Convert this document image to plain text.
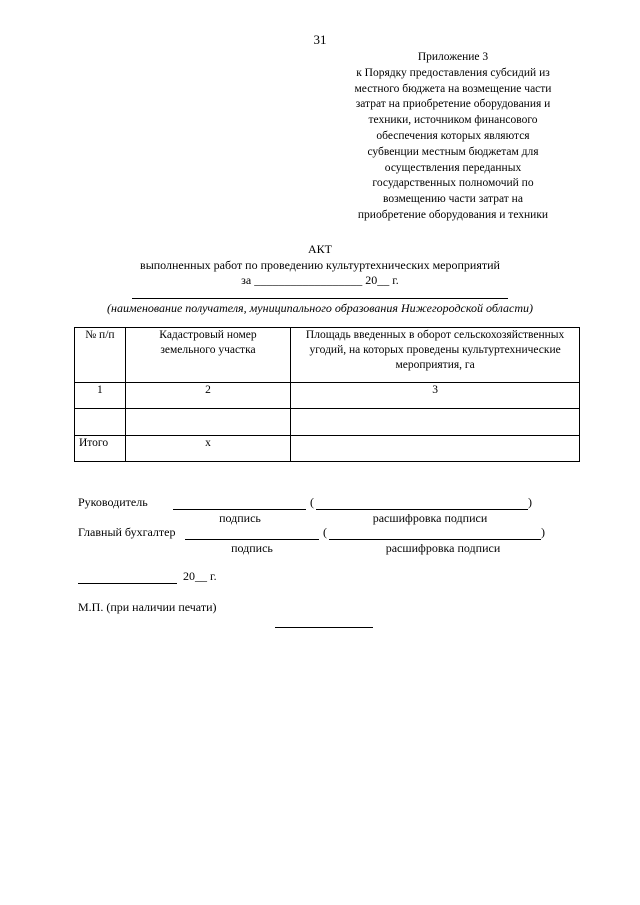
31
Приложение 3
к Порядку предоставления субсидий из
местного бюджета на возмещение части
затрат на приобретение оборудования и
техники, источником финансового
обеспечения которых являются
субвенции местным бюджетам для
осуществления переданных
государственных полномочий по
возмещению части затрат на
приобретение оборудования и техники
АКТ
выполненных работ по проведению культуртехнических мероприятий
за __________________ 20__ г.
(наименование получателя, муниципального образования Нижегородской области)
№ п/п	Кадастровый номер земельного участка	Площадь введенных в оборот сельскохозяйственных угодий, на которых проведены культуртехнические мероприятия, га

1	2	3

Итого	х	
Руководитель	(	)
подпись	расшифровка подписи
Главный бухгалтер	(	)
подпись	расшифровка подписи
20__ г.
М.П. (при наличии печати)
